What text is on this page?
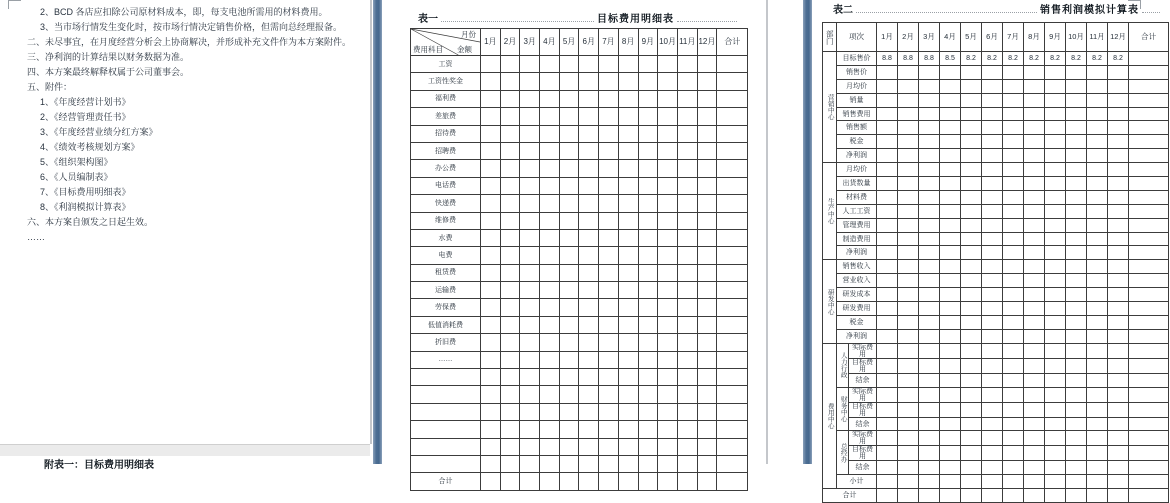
2、BCD 各店应扣除公司原材料成本，即，每支电池所需用的材料费用。
3、当市场行情发生变化时，按市场行情决定销售价格，但需向总经理报备。
二、未尽事宜，在月度经营分析会上协商解决，并形成补充文件作为本方案附件。
三、净利润的计算结果以财务数据为准。
四、本方案最终解释权属于公司董事会。
五、附件：
1、《年度经营计划书》
2、《经营管理责任书》
3、《年度经营业绩分红方案》
4、《绩效考核规划方案》
5、《组织架构图》
6、《人员编制表》
7、《目标费用明细表》
8、《利润模拟计算表》
六、本方案自颁发之日起生效。
……
附表一：目标费用明细表
表一	目标费用明细表
月份
金额
费用科目	1月	2月	3月	4月	5月	6月	7月	8月	9月	10月	11月	12月	合计
工资													
工资性奖金													
福利费													
差旅费													
招待费													
招聘费													
办公费													
电话费													
快递费													
维修费													
水费													
电费													
租赁费													
运输费													
劳保费													
低值消耗费													
折旧费													
……													

合计													
表二	销售利润模拟计算表
部门	项次		1月	2月	3月	4月	5月	6月	7月	8月	9月	10月	11月	12月	合计
营销中心	目标售价		8.8	8.8	8.8	8.5	8.2	8.2	8.2	8.2	8.2	8.2	8.2	8.2	
	销售价														
	月均价														
	销量														
	销售费用														
	销售额														
	税金														
	净利润														
生产中心	月均价														
	出货数量														
	材料费														
	人工工资														
	管理费用														
	制造费用														
	净利润														
研发中心	销售收入														
	营业收入														
	研发成本														
	研发费用														
	税金														
	净利润														
费用中心	人力行政	实际费用													
		目标费用													
		结余													
	财务中心	实际费用													
		目标费用													
		结余													
	总经办	实际费用													
		目标费用													
		结余													
	小计														
合计															
